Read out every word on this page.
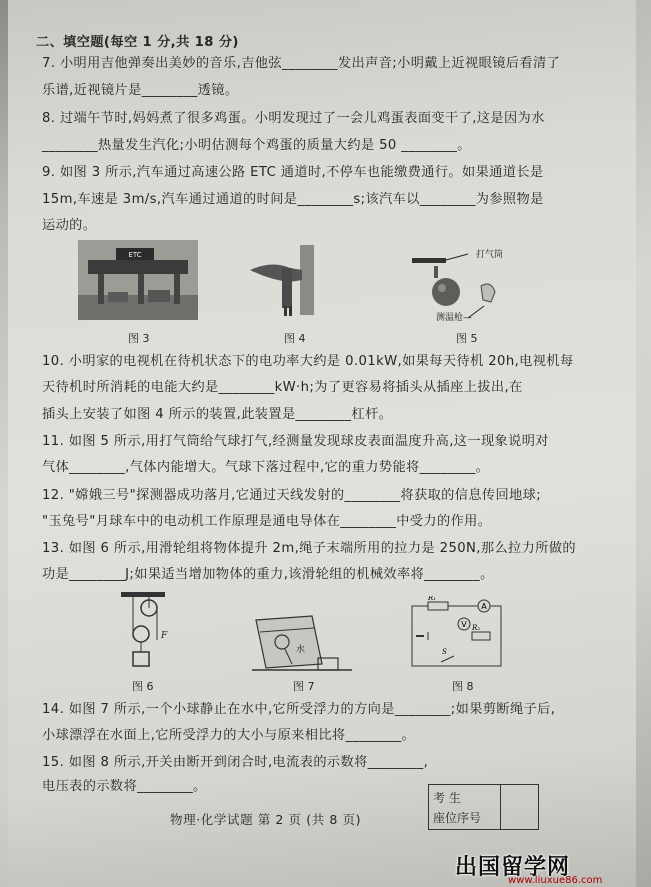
二、填空题(每空 1 分,共 18 分)
7. 小明用吉他弹奏出美妙的音乐,吉他弦________发出声音;小明戴上近视眼镜后看清了
乐谱,近视镜片是________透镜。
8. 过端午节时,妈妈煮了很多鸡蛋。小明发现过了一会儿鸡蛋表面变干了,这是因为水
________热量发生汽化;小明估测每个鸡蛋的质量大约是 50 ________。
9. 如图 3 所示,汽车通过高速公路 ETC 通道时,不停车也能缴费通行。如果通道长是
15m,车速是 3m/s,汽车通过通道的时间是________s;该汽车以________为参照物是
运动的。
ETC
图 3	图 4
打气筒
测温枪—
图 5
10. 小明家的电视机在待机状态下的电功率大约是 0.01kW,如果每天待机 20h,电视机每
天待机时所消耗的电能大约是________kW·h;为了更容易将插头从插座上拔出,在
插头上安装了如图 4 所示的装置,此装置是________杠杆。
11. 如图 5 所示,用打气筒给气球打气,经测量发现球皮表面温度升高,这一现象说明对
气体________,气体内能增大。气球下落过程中,它的重力势能将________。
12. "嫦娥三号"探测器成功落月,它通过天线发射的________将获取的信息传回地球;
"玉兔号"月球车中的电动机工作原理是通电导体在________中受力的作用。
13. 如图 6 所示,用滑轮组将物体提升 2m,绳子末端所用的拉力是 250N,那么拉力所做的
功是________J;如果适当增加物体的重力,该滑轮组的机械效率将________。
F
图 6
水
图 7
A
V
R₁
R₂
S
图 8
14. 如图 7 所示,一个小球静止在水中,它所受浮力的方向是________;如果剪断绳子后,
小球漂浮在水面上,它所受浮力的大小与原来相比将________。
15. 如图 8 所示,开关由断开到闭合时,电流表的示数将________,
电压表的示数将________。
考 生
座位序号
物理·化学试题 第 2 页 (共 8 页)
出国留学网
www.liuxue86.com
